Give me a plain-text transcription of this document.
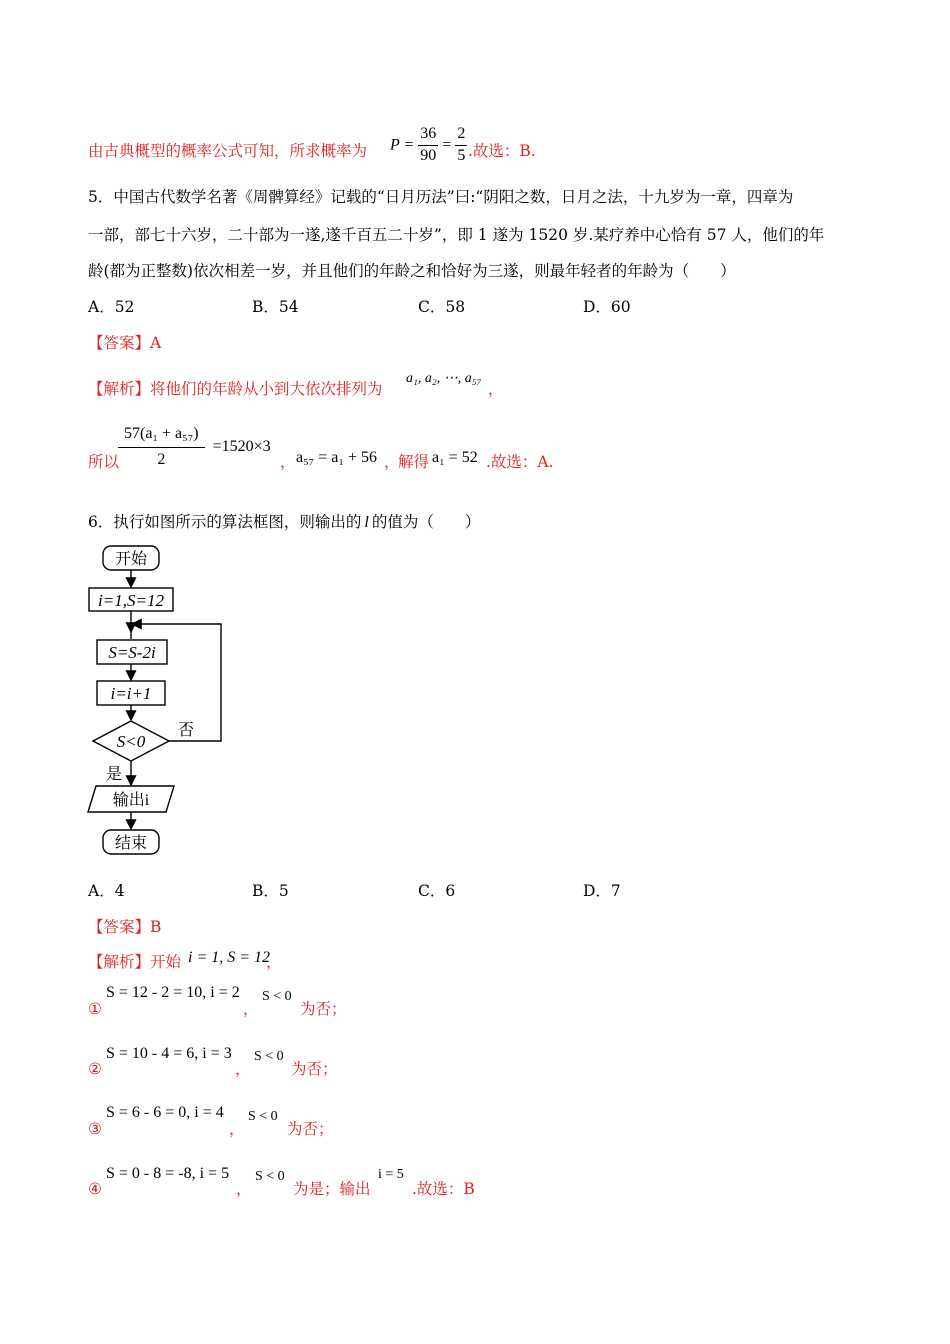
由古典概型的概率公式可知，所求概率为 $P = \frac{36}{90} = \frac{2}{5}$ .故选：B.
5．中国古代数学名著《周髀算经》记载的“日月历法”曰:“阴阳之数，日月之法，十九岁为一章，四章为
一部，部七十六岁，二十部为一遂,遂千百五二十岁”，即 1 遂为 1520 岁.某疗养中心恰有 57 人，他们的年
龄(都为正整数)依次相差一岁，并且他们的年龄之和恰好为三遂，则最年轻者的年龄为（　　）
A．52	B．54	C．58	D．60
【答案】A
【解析】将他们的年龄从小到大依次排列为
a₁, a₂, ⋯, a₅₇
，
所以
$\frac{\text{57(a₁ + a₅₇)}}{2} =1520\times 3$
， a₅₇ = a₁ + 56 ，
解得 a₁ = 52 .故选：A.
6．执行如图所示的算法框图，则输出的 l 的值为（　　）
开始
i=1,S=12
S=S-2i
i=i+1
S<0
否
是
输出i
结束
A．4	B．5	C．6	D．7
【答案】B
【解析】开始 i = 1, S = 12
，
①
S = 12 - 2 = 10, i = 2
，
S < 0
为否；
②
S = 10 - 4 = 6, i = 3
，
S < 0
为否；
③
S = 6 - 6 = 0, i = 4
，
S < 0
为否；
④
S = 0 - 8 = -8, i = 5
，
S < 0
为是；输出
i = 5
.故选：B
